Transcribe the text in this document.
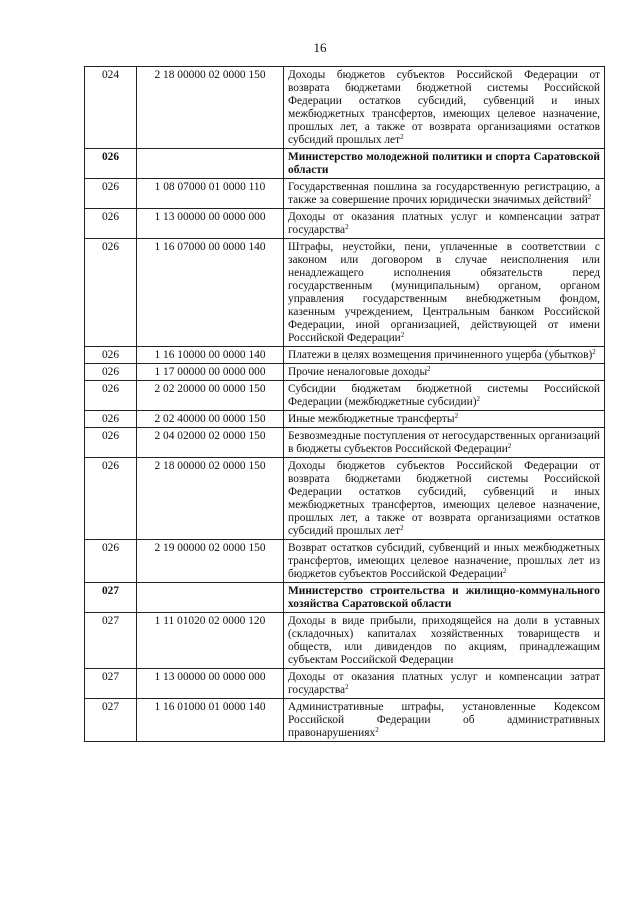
16
024	2 18 00000 02 0000 150	Доходы бюджетов субъектов Российской Федерации от возврата бюджетами бюджетной системы Российской Федерации остатков субсидий, субвенций и иных межбюджетных трансфертов, имеющих целевое назначение, прошлых лет, а также от возврата организациями остатков субсидий прошлых лет$^2$
026		Министерство молодежной политики и спорта Саратовской области
026	1 08 07000 01 0000 110	Государственная пошлина за государственную регистрацию, а также за совершение прочих юридически значимых действий$^2$
026	1 13 00000 00 0000 000	Доходы от оказания платных услуг и компенсации затрат государства$^2$
026	1 16 07000 00 0000 140	Штрафы, неустойки, пени, уплаченные в соответствии с законом или договором в случае неисполнения или ненадлежащего исполнения обязательств перед государственным (муниципальным) органом, органом управления государственным внебюджетным фондом, казенным учреждением, Центральным банком Российской Федерации, иной организацией, действующей от имени Российской Федерации$^2$
026	1 16 10000 00 0000 140	Платежи в целях возмещения причиненного ущерба (убытков)$^2$
026	1 17 00000 00 0000 000	Прочие неналоговые доходы$^2$
026	2 02 20000 00 0000 150	Субсидии бюджетам бюджетной системы Российской Федерации (межбюджетные субсидии)$^2$
026	2 02 40000 00 0000 150	Иные межбюджетные трансферты$^2$
026	2 04 02000 02 0000 150	Безвозмездные поступления от негосударственных организаций в бюджеты субъектов Российской Федерации$^2$
026	2 18 00000 02 0000 150	Доходы бюджетов субъектов Российской Федерации от возврата бюджетами бюджетной системы Российской Федерации остатков субсидий, субвенций и иных межбюджетных трансфертов, имеющих целевое назначение, прошлых лет, а также от возврата организациями остатков субсидий прошлых лет$^2$
026	2 19 00000 02 0000 150	Возврат остатков субсидий, субвенций и иных межбюджетных трансфертов, имеющих целевое назначение, прошлых лет из бюджетов субъектов Российской Федерации$^2$
027		Министерство строительства и жилищно-коммунального хозяйства Саратовской области
027	1 11 01020 02 0000 120	Доходы в виде прибыли, приходящейся на доли в уставных (складочных) капиталах хозяйственных товариществ и обществ, или дивидендов по акциям, принадлежащим субъектам Российской Федерации
027	1 13 00000 00 0000 000	Доходы от оказания платных услуг и компенсации затрат государства$^2$
027	1 16 01000 01 0000 140	Административные штрафы, установленные Кодексом Российской Федерации об административных правонарушениях$^2$
